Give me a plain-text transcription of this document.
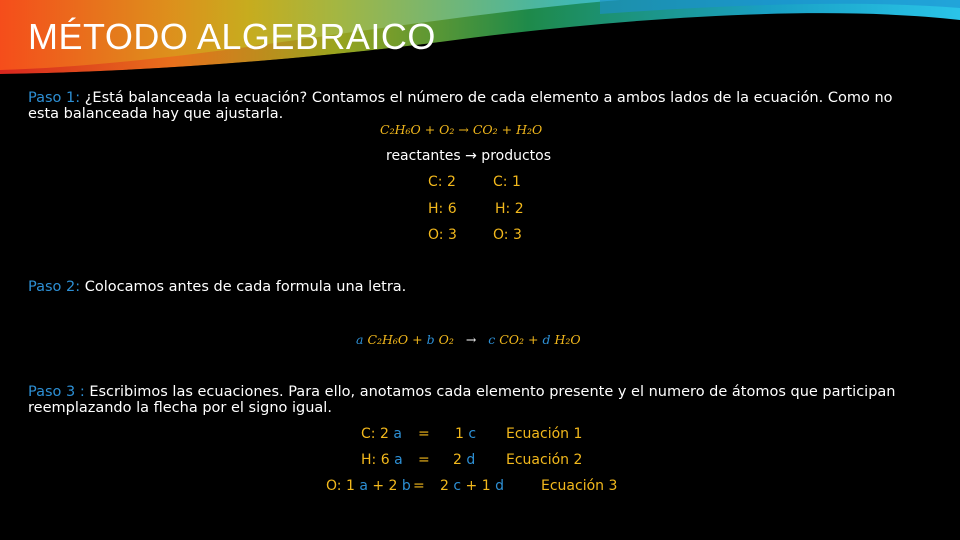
MÉTODO ALGEBRAICO
Paso 1: ¿Está balanceada la ecuación? Contamos el número de cada elemento a ambos lados de la ecuación. Como no esta balanceada hay que ajustarla.
C₂H₆O + O₂ → CO₂ + H₂O
reactantes → productos
C: 2	C: 1
H: 6	H: 2
O: 3	O: 3
Paso 2: Colocamos antes de cada formula una letra.
a C₂H₆O + b O₂ → c CO₂ + d H₂O
Paso 3 : Escribimos las ecuaciones. Para ello, anotamos cada elemento presente y el numero de átomos que participan reemplazando la flecha por el signo igual.
C: 2 a = 1 c Ecuación 1
H: 6 a = 2 d Ecuación 2
O: 1 a + 2 b = 2 c + 1 d	Ecuación 3
